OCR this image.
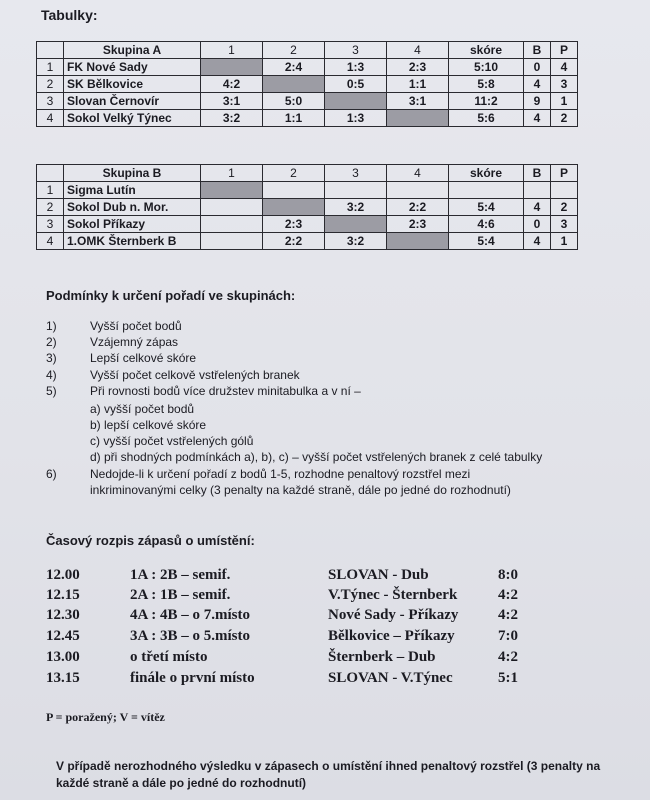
Tabulky:
	Skupina A	1	2	3	4	skóre	B	P
1	FK Nové Sady		2:4	1:3	2:3	5:10	0	4
2	SK Bělkovice	4:2		0:5	1:1	5:8	4	3
3	Slovan Černovír	3:1	5:0		3:1	11:2	9	1
4	Sokol Velký Týnec	3:2	1:1	1:3		5:6	4	2
	Skupina B	1	2	3	4	skóre	B	P
1	Sigma Lutín							
2	Sokol Dub n. Mor.			3:2	2:2	5:4	4	2
3	Sokol Příkazy		2:3		2:3	4:6	0	3
4	1.OMK Šternberk B		2:2	3:2		5:4	4	1
Podmínky k určení pořadí ve skupinách:
1)	Vyšší počet bodů
2)	Vzájemný zápas
3)	Lepší celkové skóre
4)	Vyšší počet celkově vstřelených branek
5)	Při rovnosti bodů více družstev minitabulka a v ní –
a) vyšší počet bodů
b) lepší celkové skóre
c) vyšší počet vstřelených gólů
d) při shodných podmínkách a), b), c) – vyšší počet vstřelených branek z celé tabulky
6)	Nedojde-li k určení pořadí z bodů 1-5, rozhodne penaltový rozstřel mezi
inkriminovanými celky (3 penalty na každé straně, dále po jedné do rozhodnutí)
Časový rozpis zápasů o umístění:
12.00	1A : 2B – semif.	SLOVAN - Dub	8:0
12.15	2A : 1B – semif.	V.Týnec - Šternberk	4:2
12.30	4A : 4B – o 7.místo	Nové Sady - Příkazy	4:2
12.45	3A : 3B – o 5.místo	Bělkovice – Příkazy	7:0
13.00	o třetí místo	Šternberk – Dub	4:2
13.15	finále o první místo	SLOVAN - V.Týnec	5:1
P = poražený; V = vítěz
V případě nerozhodného výsledku v zápasech o umístění ihned penaltový rozstřel (3 penalty na každé straně a dále po jedné do rozhodnutí)
